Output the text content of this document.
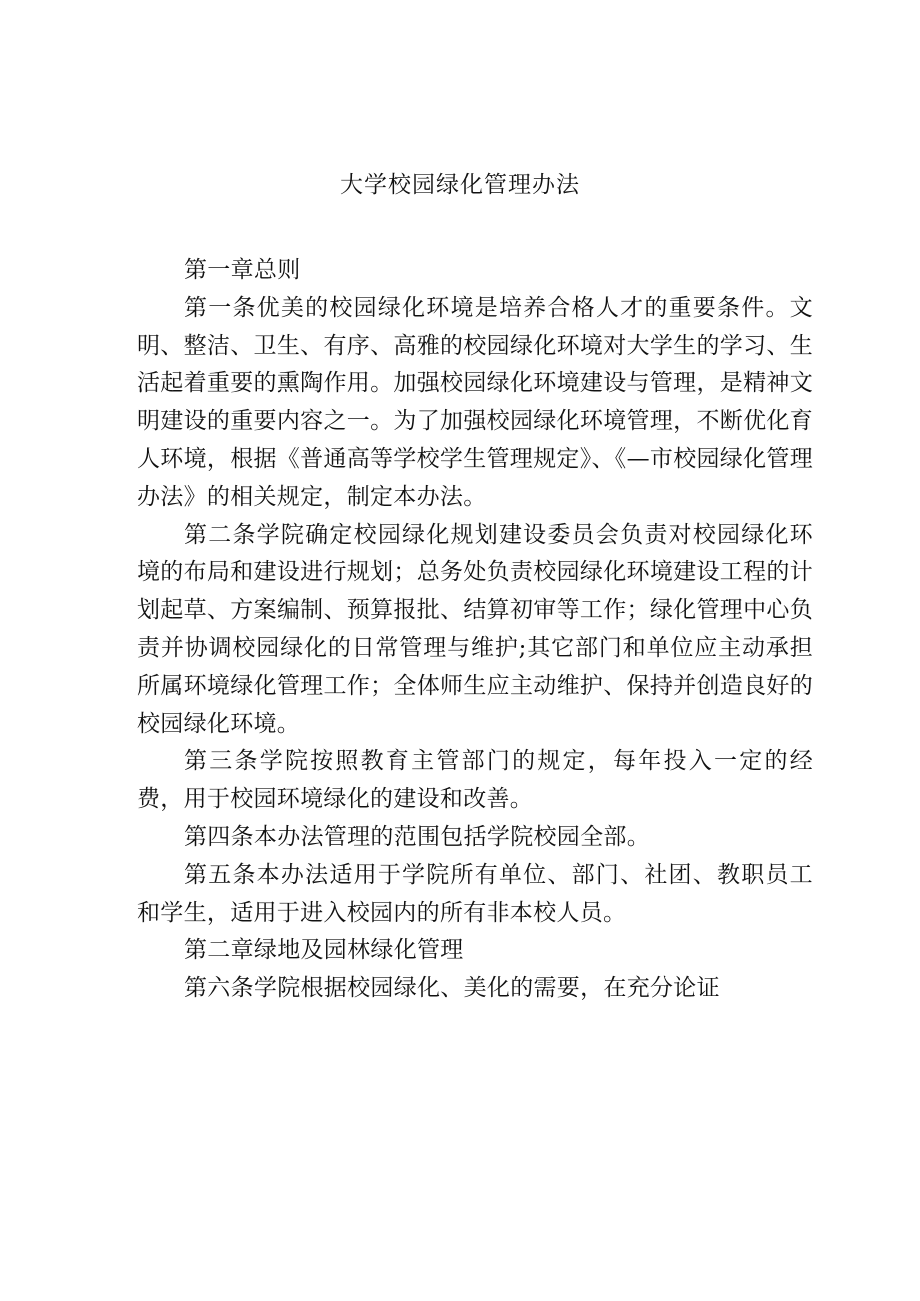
大学校园绿化管理办法

第一章总则

第一条优美的校园绿化环境是培养合格人才的重要条件。文明、整洁、卫生、有序、高雅的校园绿化环境对大学生的学习、生活起着重要的熏陶作用。加强校园绿化环境建设与管理，是精神文明建设的重要内容之一。为了加强校园绿化环境管理，不断优化育人环境，根据《普通高等学校学生管理规定》、《—市校园绿化管理办法》的相关规定，制定本办法。

第二条学院确定校园绿化规划建设委员会负责对校园绿化环境的布局和建设进行规划；总务处负责校园绿化环境建设工程的计划起草、方案编制、预算报批、结算初审等工作；绿化管理中心负责并协调校园绿化的日常管理与维护;其它部门和单位应主动承担所属环境绿化管理工作；全体师生应主动维护、保持并创造良好的校园绿化环境。

第三条学院按照教育主管部门的规定，每年投入一定的经费，用于校园环境绿化的建设和改善。

第四条本办法管理的范围包括学院校园全部。

第五条本办法适用于学院所有单位、部门、社团、教职员工和学生，适用于进入校园内的所有非本校人员。

第二章绿地及园林绿化管理

第六条学院根据校园绿化、美化的需要，在充分论证
